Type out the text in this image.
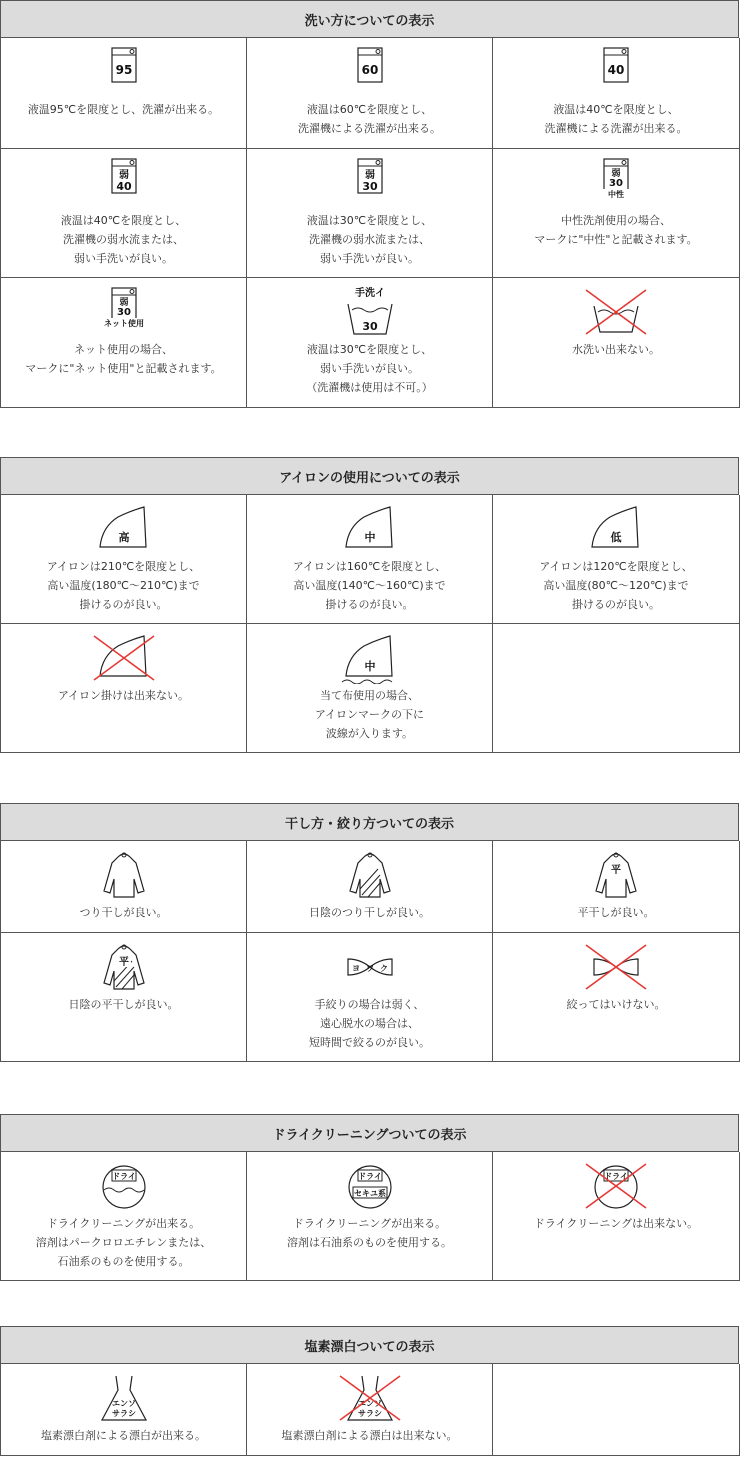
洗い方についての表示
95
液温95℃を限度とし、洗濯が出来る。
60
液温は60℃を限度とし、
洗濯機による洗濯が出来る。
40
液温は40℃を限度とし、
洗濯機による洗濯が出来る。
弱
40
液温は40℃を限度とし、
洗濯機の弱水流または、
弱い手洗いが良い。
弱
30
液温は30℃を限度とし、
洗濯機の弱水流または、
弱い手洗いが良い。
弱
30
中性
中性洗剤使用の場合、
マークに"中性"と記載されます。
弱
30
ネット使用
ネット使用の場合、
マークに"ネット使用"と記載されます。
手洗イ
30
液温は30℃を限度とし、
弱い手洗いが良い。
（洗濯機は使用は不可。）
水洗い出来ない。
アイロンの使用についての表示
高
アイロンは210℃を限度とし、
高い温度(180℃～210℃)まで
掛けるのが良い。
中
アイロンは160℃を限度とし、
高い温度(140℃～160℃)まで
掛けるのが良い。
低
アイロンは120℃を限度とし、
高い温度(80℃～120℃)まで
掛けるのが良い。
アイロン掛けは出来ない。
中
当て布使用の場合、
アイロンマークの下に
波線が入ります。
干し方・絞り方ついての表示
つり干しが良い。	日陰のつり干しが良い。
平
平干しが良い。
平
日陰の平干しが良い。
ヨ ワ ク
手絞りの場合は弱く、
遠心脱水の場合は、
短時間で絞るのが良い。
絞ってはいけない。
ドライクリーニングついての表示
ドライ
ドライクリーニングが出来る。
溶剤はパークロロエチレンまたは、
石油系のものを使用する。
ドライ
セキユ系
ドライクリーニングが出来る。
溶剤は石油系のものを使用する。
ドライ
ドライクリーニングは出来ない。
塩素漂白ついての表示
エンソ
サラシ
塩素漂白剤による漂白が出来る。
エンソ
サラシ
塩素漂白剤による漂白は出来ない。
